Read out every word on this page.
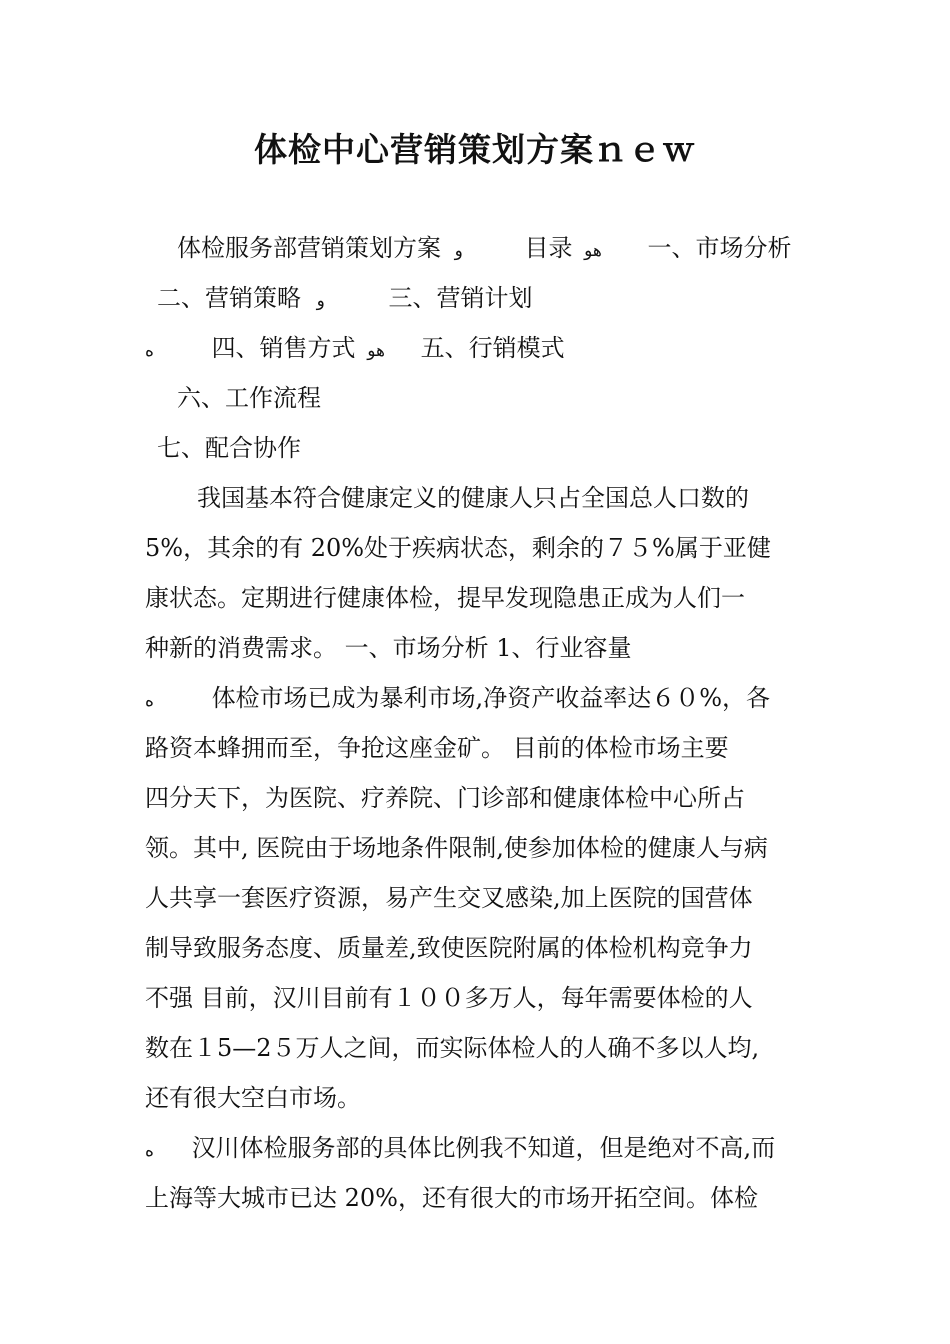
体检中心营销策划方案ｎｅｗ
体检服务部营销策划方案 و	目录 هو 一、市场分析
二、营销策略 و	三、营销计划
ه 四、销售方式 هو 五、行销模式
六、工作流程
七、配合协作
我国基本符合健康定义的健康人只占全国总人口数的
5%，其余的有 20%处于疾病状态，剩余的７５%属于亚健
康状态。定期进行健康体检，提早发现隐患正成为人们一
种新的消费需求。 一、市场分析 1、行业容量
ه 体检市场已成为暴利市场,净资产收益率达６０%，各
路资本蜂拥而至，争抢这座金矿。 目前的体检市场主要
四分天下，为医院、疗养院、门诊部和健康体检中心所占
领。其中, 医院由于场地条件限制,使参加体检的健康人与病
人共享一套医疗资源，易产生交叉感染,加上医院的国营体
制导致服务态度、质量差,致使医院附属的体检机构竞争力
不强 目前，汉川目前有１００多万人，每年需要体检的人
数在１5—2５万人之间，而实际体检人的人确不多以人均,
还有很大空白市场。
ه 汉川体检服务部的具体比例我不知道，但是绝对不高,而
上海等大城市已达 20%，还有很大的市场开拓空间。体检
